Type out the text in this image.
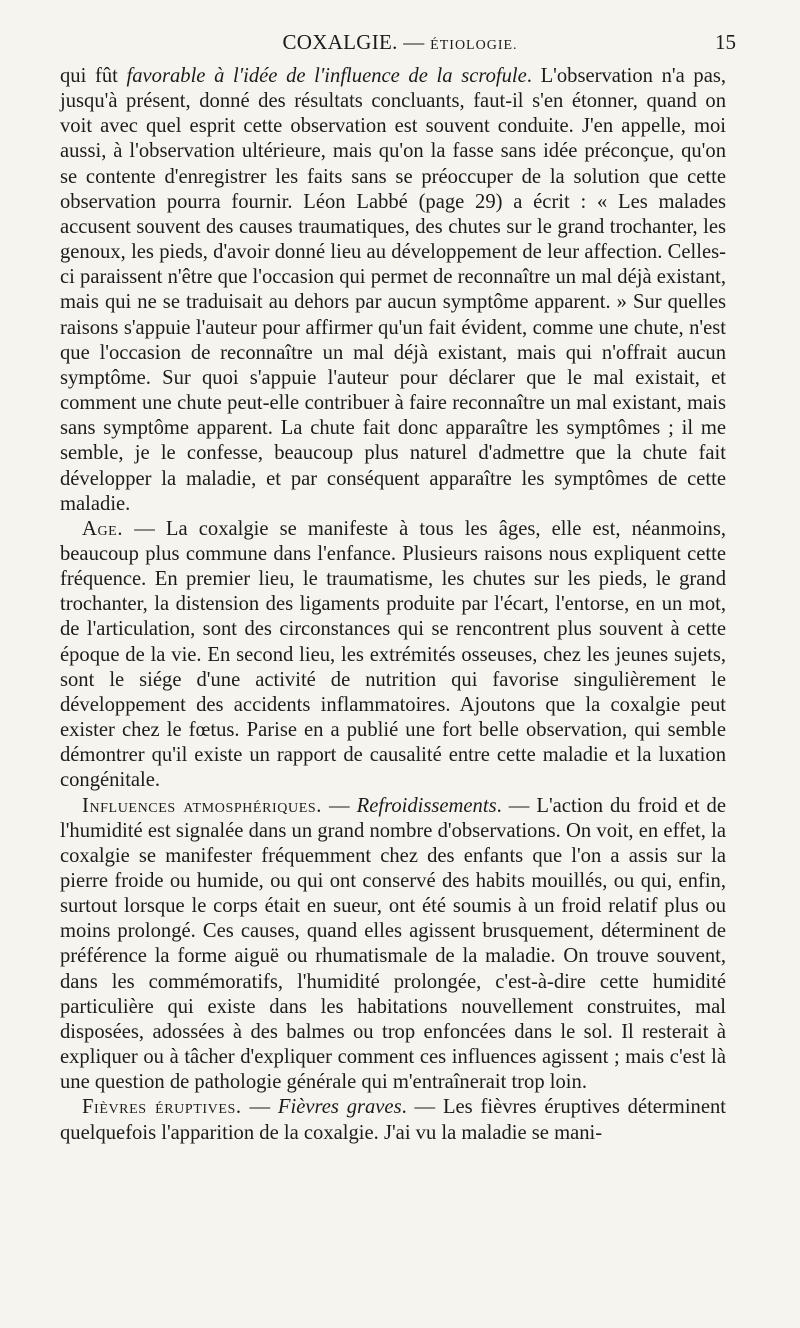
COXALGIE. — ÉTIOLOGIE.	15

qui fût favorable à l'idée de l'influence de la scrofule. L'observation n'a pas, jusqu'à présent, donné des résultats concluants, faut-il s'en étonner, quand on voit avec quel esprit cette observation est souvent conduite. J'en appelle, moi aussi, à l'observation ultérieure, mais qu'on la fasse sans idée préconçue, qu'on se contente d'enregistrer les faits sans se préoccuper de la solution que cette observation pourra fournir. Léon Labbé (page 29) a écrit : « Les malades accusent souvent des causes traumatiques, des chutes sur le grand trochanter, les genoux, les pieds, d'avoir donné lieu au développement de leur affection. Celles-ci paraissent n'être que l'occasion qui permet de reconnaître un mal déjà existant, mais qui ne se traduisait au dehors par aucun symptôme apparent. » Sur quelles raisons s'appuie l'auteur pour affirmer qu'un fait évident, comme une chute, n'est que l'occasion de reconnaître un mal déjà existant, mais qui n'offrait aucun symptôme. Sur quoi s'appuie l'auteur pour déclarer que le mal existait, et comment une chute peut-elle contribuer à faire reconnaître un mal existant, mais sans symptôme apparent. La chute fait donc apparaître les symptômes ; il me semble, je le confesse, beaucoup plus naturel d'admettre que la chute fait développer la maladie, et par conséquent apparaître les symptômes de cette maladie.

Age. — La coxalgie se manifeste à tous les âges, elle est, néanmoins, beaucoup plus commune dans l'enfance. Plusieurs raisons nous expliquent cette fréquence. En premier lieu, le traumatisme, les chutes sur les pieds, le grand trochanter, la distension des ligaments produite par l'écart, l'entorse, en un mot, de l'articulation, sont des circonstances qui se rencontrent plus souvent à cette époque de la vie. En second lieu, les extrémités osseuses, chez les jeunes sujets, sont le siége d'une activité de nutrition qui favorise singulièrement le développement des accidents inflammatoires. Ajoutons que la coxalgie peut exister chez le fœtus. Parise en a publié une fort belle observation, qui semble démontrer qu'il existe un rapport de causalité entre cette maladie et la luxation congénitale.

Influences atmosphériques. — Refroidissements. — L'action du froid et de l'humidité est signalée dans un grand nombre d'observations. On voit, en effet, la coxalgie se manifester fréquemment chez des enfants que l'on a assis sur la pierre froide ou humide, ou qui ont conservé des habits mouillés, ou qui, enfin, surtout lorsque le corps était en sueur, ont été soumis à un froid relatif plus ou moins prolongé. Ces causes, quand elles agissent brusquement, déterminent de préférence la forme aiguë ou rhumatismale de la maladie. On trouve souvent, dans les commémoratifs, l'humidité prolongée, c'est-à-dire cette humidité particulière qui existe dans les habitations nouvellement construites, mal disposées, adossées à des balmes ou trop enfoncées dans le sol. Il resterait à expliquer ou à tâcher d'expliquer comment ces influences agissent ; mais c'est là une question de pathologie générale qui m'entraînerait trop loin.

Fièvres éruptives. — Fièvres graves. — Les fièvres éruptives déterminent quelquefois l'apparition de la coxalgie. J'ai vu la maladie se mani-
